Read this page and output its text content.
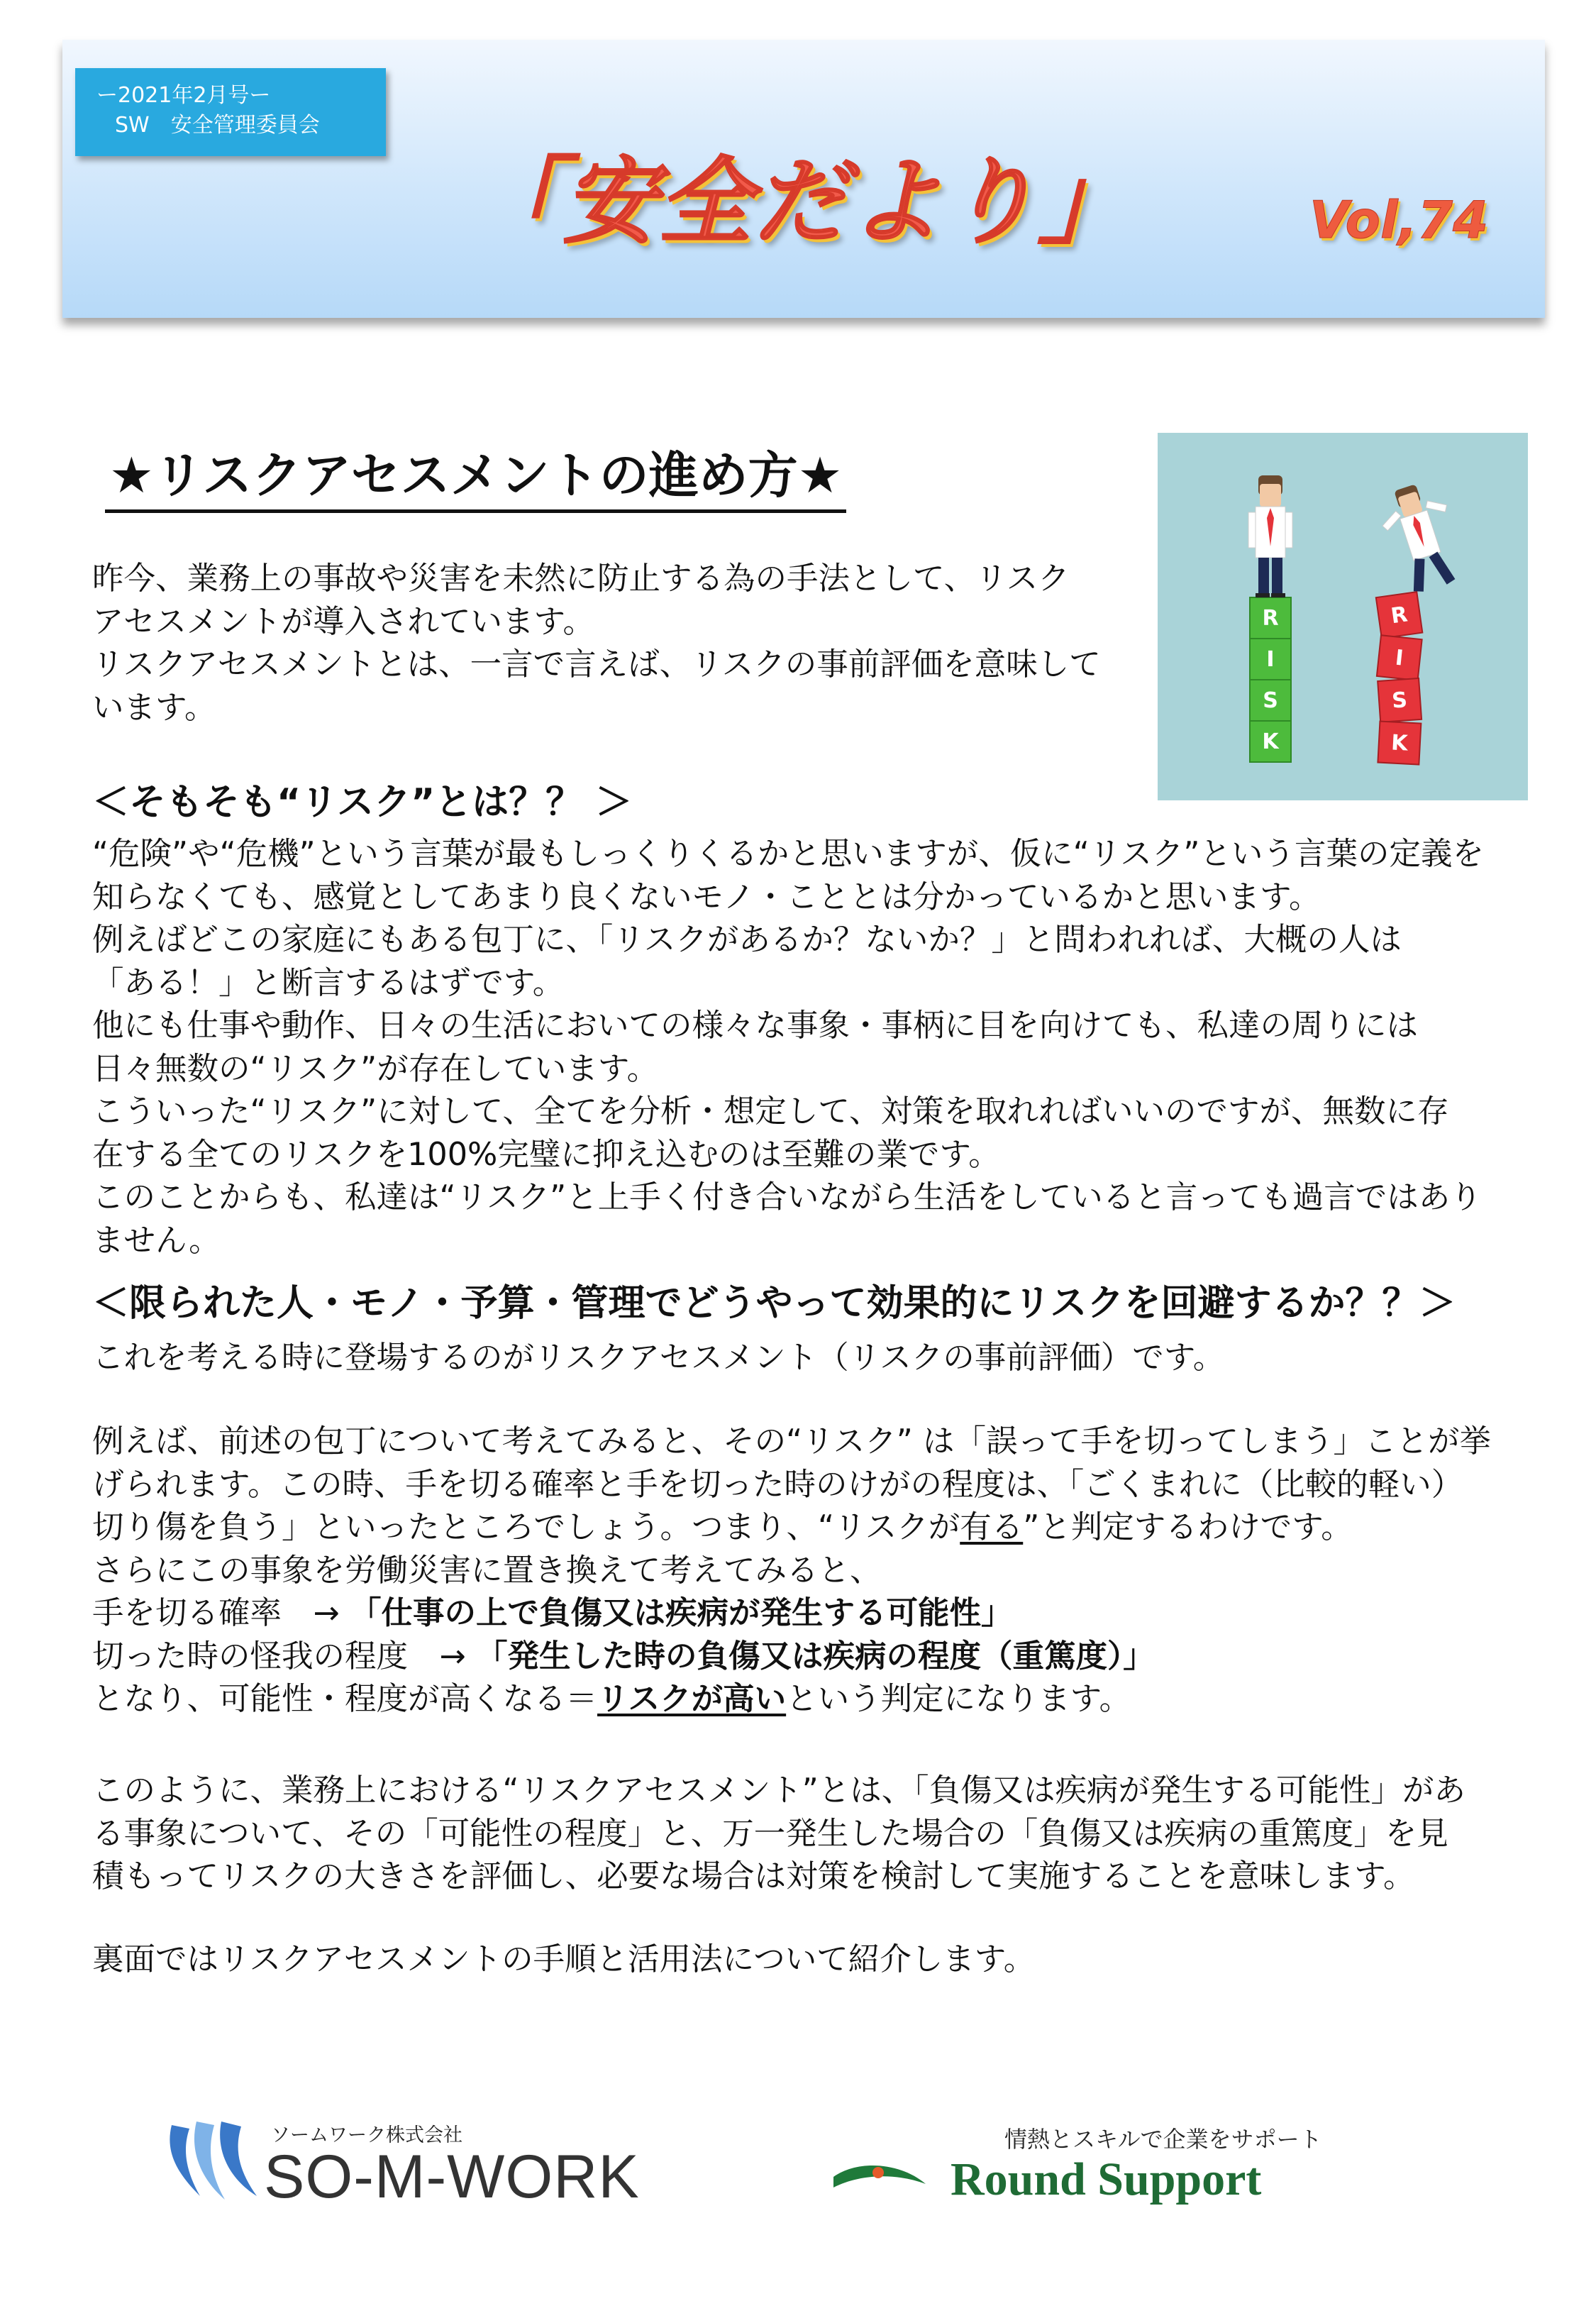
ー2021年2月号ー
SW　安全管理委員会
「安全だより」	Vol,74
★リスクアセスメントの進め方★
昨今、業務上の事故や災害を未然に防止する為の手法として、リスク
アセスメントが導入されています。
リスクアセスメントとは、一言で言えば、リスクの事前評価を意味して
います。
R
I
S
K
R
I
S
K
＜そもそも“リスク”とは？？ ＞
“危険”や“危機”という言葉が最もしっくりくるかと思いますが、仮に“リスク”という言葉の定義を
知らなくても、感覚としてあまり良くないモノ・こととは分かっているかと思います。
例えばどこの家庭にもある包丁に、「リスクがあるか？ないか？」と問われれば、大概の人は
「ある！」と断言するはずです。
他にも仕事や動作、日々の生活においての様々な事象・事柄に目を向けても、私達の周りには
日々無数の“リスク”が存在しています。
こういった“リスク”に対して、全てを分析・想定して、対策を取れればいいのですが、無数に存
在する全てのリスクを100%完璧に抑え込むのは至難の業です。
このことからも、私達は“リスク”と上手く付き合いながら生活をしていると言っても過言ではあり
ません。
＜限られた人・モノ・予算・管理でどうやって効果的にリスクを回避するか？？＞
これを考える時に登場するのがリスクアセスメント（リスクの事前評価）です。
例えば、前述の包丁について考えてみると、その“リスク” は「誤って手を切ってしまう」ことが挙
げられます。この時、手を切る確率と手を切った時のけがの程度は、「ごくまれに（比較的軽い）
切り傷を負う」といったところでしょう。つまり、“リスクが有る”と判定するわけです。
さらにこの事象を労働災害に置き換えて考えてみると、
手を切る確率　→ 「仕事の上で負傷又は疾病が発生する可能性」
切った時の怪我の程度　→ 「発生した時の負傷又は疾病の程度（重篤度）」
となり、可能性・程度が高くなる＝リスクが高いという判定になります。
このように、業務上における“リスクアセスメント”とは、「負傷又は疾病が発生する可能性」があ
る事象について、その「可能性の程度」と、万一発生した場合の「負傷又は疾病の重篤度」を見
積もってリスクの大きさを評価し、必要な場合は対策を検討して実施することを意味します。
裏面ではリスクアセスメントの手順と活用法について紹介します。
ソームワーク株式会社
SO-M-WORK
情熱とスキルで企業をサポート
Round Support
